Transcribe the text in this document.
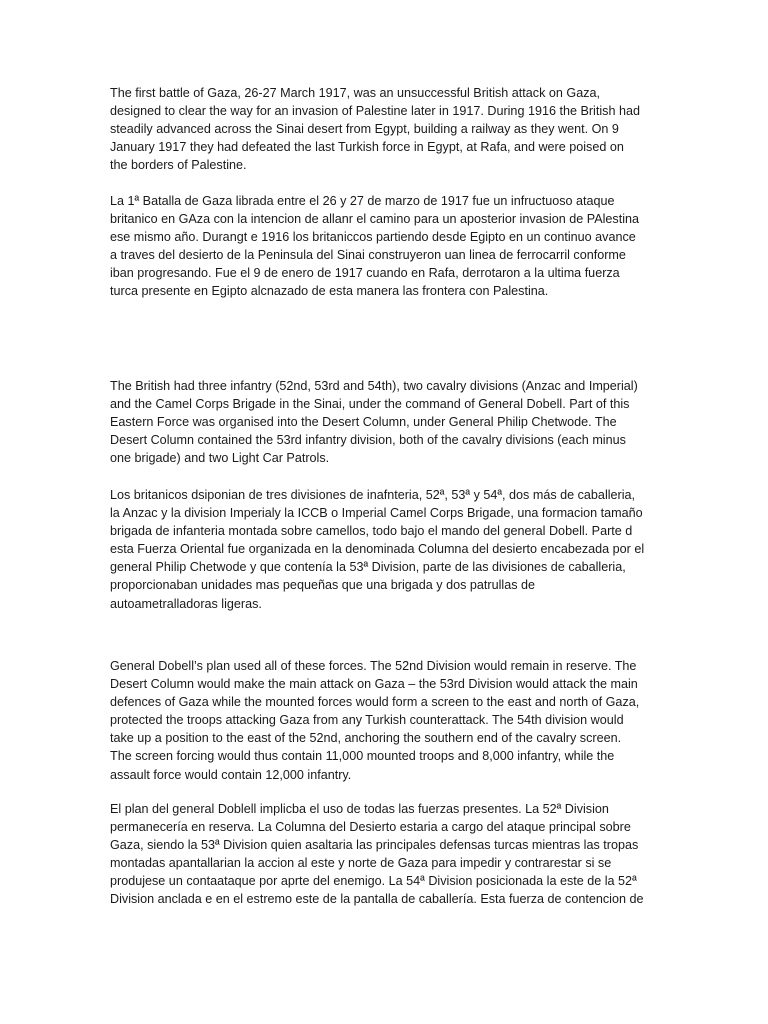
The first battle of Gaza, 26-27 March 1917, was an unsuccessful British attack on Gaza,
designed to clear the way for an invasion of Palestine later in 1917. During 1916 the British had
steadily advanced across the Sinai desert from Egypt, building a railway as they went. On 9
January 1917 they had defeated the last Turkish force in Egypt, at Rafa, and were poised on
the borders of Palestine.
La 1ª Batalla de Gaza librada entre el 26 y 27 de marzo de 1917 fue un infructuoso ataque
britanico en GAza con la intencion de allanr el camino para un aposterior invasion de PAlestina
ese mismo año. Durangt e 1916 los britaniccos partiendo desde Egipto en un continuo avance
a traves del desierto de la Peninsula del Sinai construyeron uan linea de ferrocarril conforme
iban progresando. Fue el 9 de enero de 1917 cuando en Rafa, derrotaron a la ultima fuerza
turca presente en Egipto alcnazado de esta manera las frontera con Palestina.
The British had three infantry (52nd, 53rd and 54th), two cavalry divisions (Anzac and Imperial)
and the Camel Corps Brigade in the Sinai, under the command of General Dobell. Part of this
Eastern Force was organised into the Desert Column, under General Philip Chetwode. The
Desert Column contained the 53rd infantry division, both of the cavalry divisions (each minus
one brigade) and two Light Car Patrols.
Los britanicos dsiponian de tres divisiones de inafnteria, 52ª, 53ª y 54ª, dos más de caballeria,
la Anzac y la division Imperialy la ICCB o Imperial Camel Corps Brigade, una formacion tamaño
brigada de infanteria montada sobre camellos, todo bajo el mando del general Dobell. Parte d
esta Fuerza Oriental fue organizada en la denominada Columna del desierto encabezada por el
general Philip Chetwode y que contenía la 53ª Division, parte de las divisiones de caballeria,
proporcionaban unidades mas pequeñas que una brigada y dos patrullas de
autoametralladoras ligeras.
General Dobell’s plan used all of these forces. The 52nd Division would remain in reserve. The
Desert Column would make the main attack on Gaza – the 53rd Division would attack the main
defences of Gaza while the mounted forces would form a screen to the east and north of Gaza,
protected the troops attacking Gaza from any Turkish counterattack. The 54th division would
take up a position to the east of the 52nd, anchoring the southern end of the cavalry screen.
The screen forcing would thus contain 11,000 mounted troops and 8,000 infantry, while the
assault force would contain 12,000 infantry.
El plan del general Doblell implicba el uso de todas las fuerzas presentes. La 52ª Division
permanecería en reserva. La Columna del Desierto estaria a cargo del ataque principal sobre
Gaza, siendo la 53ª Division quien asaltaria las principales defensas turcas mientras las tropas
montadas apantallarian la accion al este y norte de Gaza para impedir y contrarestar si se
produjese un contaataque por aprte del enemigo. La 54ª Division posicionada la este de la 52ª
Division anclada e en el estremo este de la pantalla de caballería. Esta fuerza de contencion de
